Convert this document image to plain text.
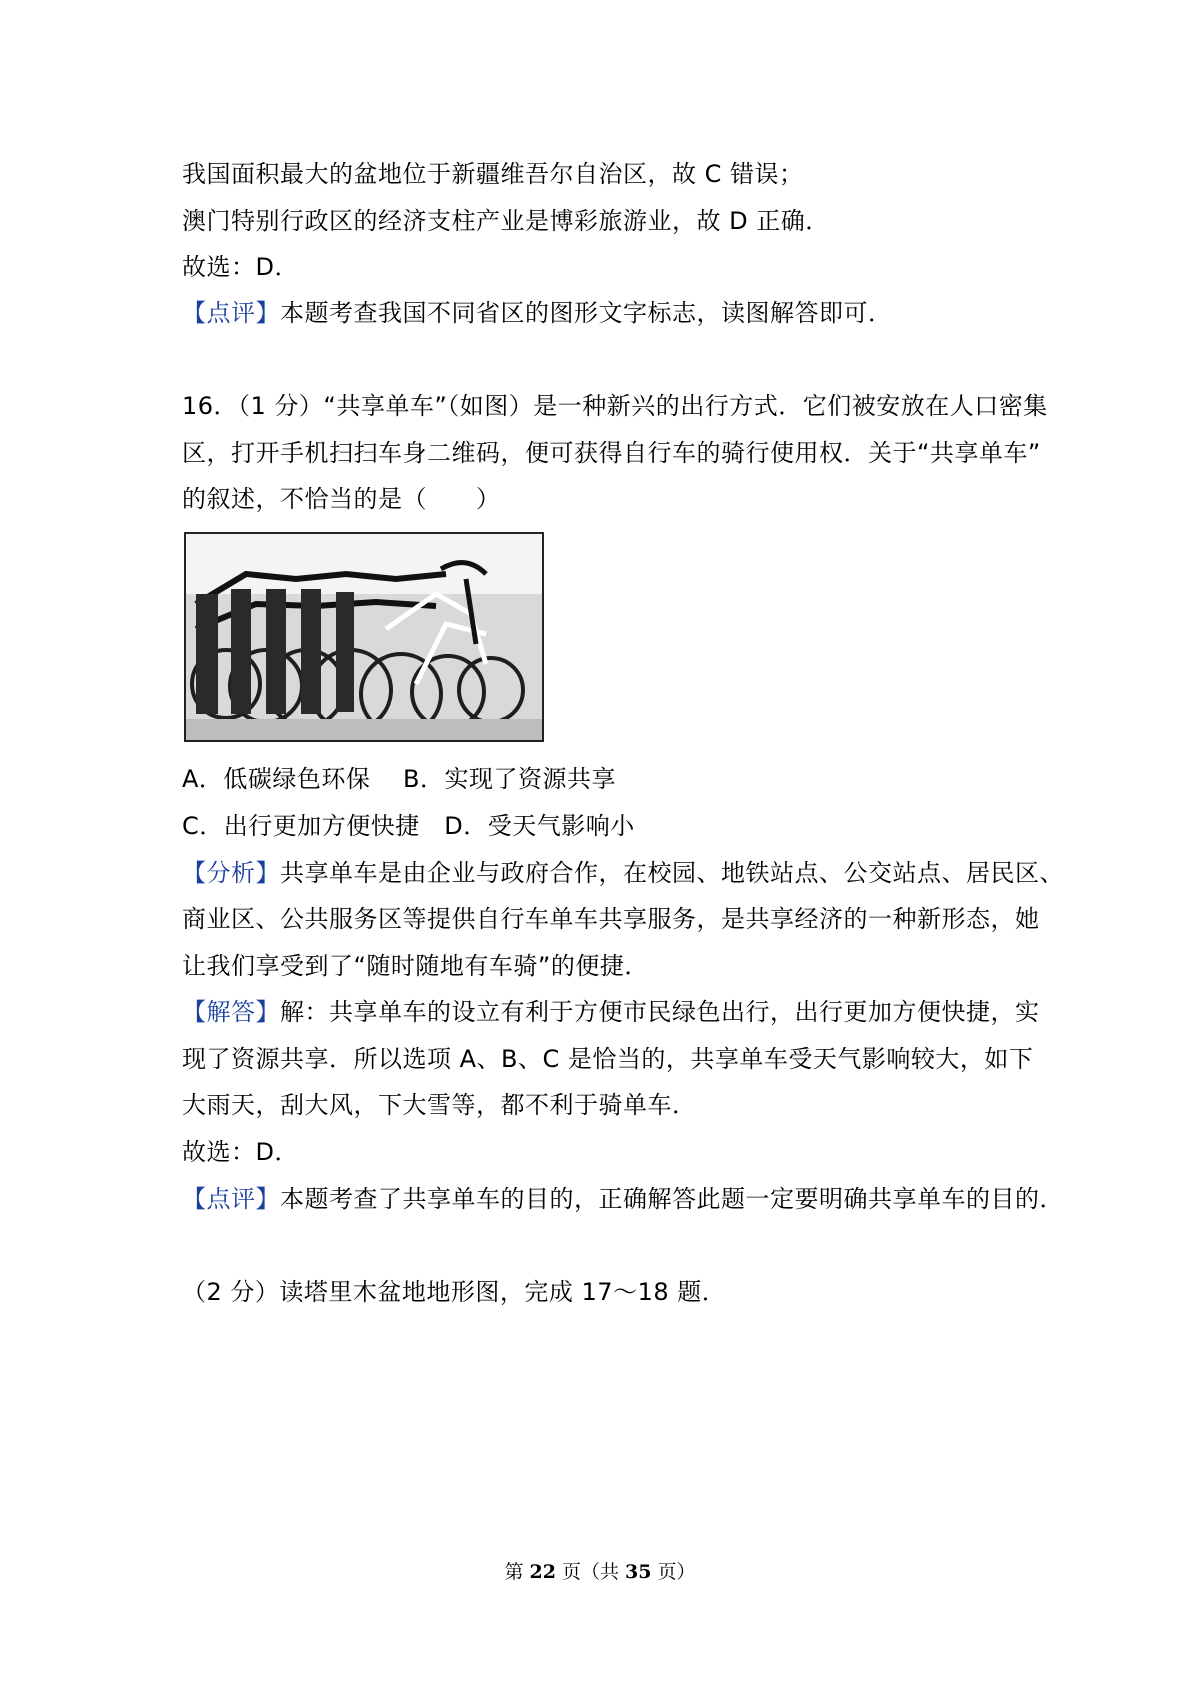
我国面积最大的盆地位于新疆维吾尔自治区，故 C 错误；
澳门特别行政区的经济支柱产业是博彩旅游业，故 D 正确．
故选：D．
【点评】本题考查我国不同省区的图形文字标志，读图解答即可．
16．（1 分）“共享单车”（如图）是一种新兴的出行方式．它们被安放在人口密集
区，打开手机扫扫车身二维码，便可获得自行车的骑行使用权．关于“共享单车”
的叙述，不恰当的是（　　）
A．低碳绿色环保　 B．实现了资源共享
C．出行更加方便快捷　D．受天气影响小
【分析】共享单车是由企业与政府合作，在校园、地铁站点、公交站点、居民区、
商业区、公共服务区等提供自行车单车共享服务，是共享经济的一种新形态，她
让我们享受到了“随时随地有车骑”的便捷．
【解答】解：共享单车的设立有利于方便市民绿色出行，出行更加方便快捷，实
现了资源共享．所以选项 A、B、C 是恰当的，共享单车受天气影响较大，如下
大雨天，刮大风，下大雪等，都不利于骑单车．
故选：D．
【点评】本题考查了共享单车的目的，正确解答此题一定要明确共享单车的目的．
（2 分）读塔里木盆地地形图，完成 17～18 题．
第 22 页（共 35 页）
